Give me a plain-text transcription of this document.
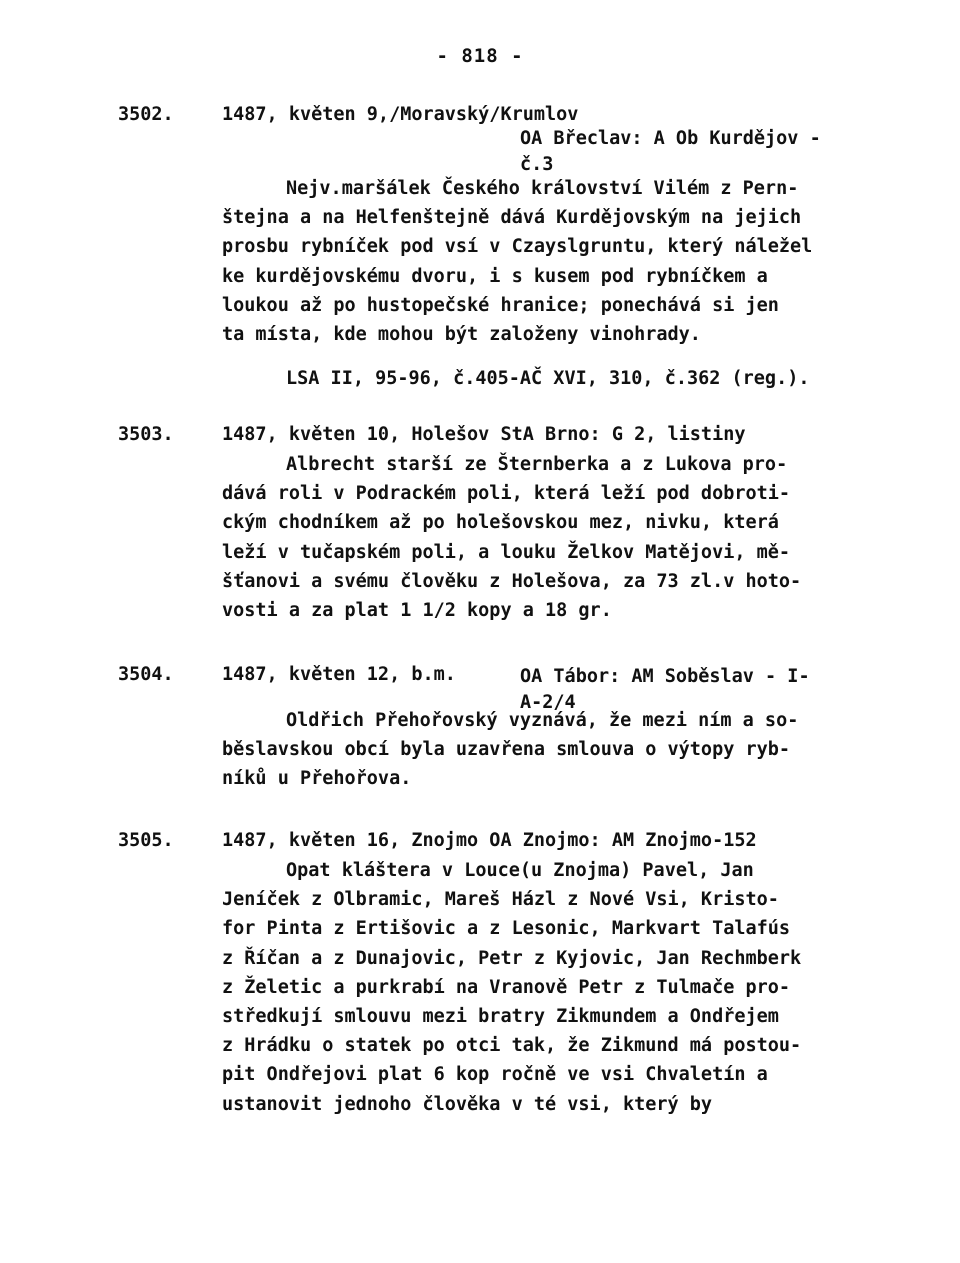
- 818 -
3502.	1487, květen 9,/Moravský/Krumlov
OA Břeclav: A Ob Kurdějov -
č.3
Nejv.maršálek Českého království Vilém z Pern-
štejna a na Helfenštejně dává Kurdějovským na jejich
prosbu rybníček pod vsí v Czayslgruntu, který náležel
ke kurdějovskému dvoru, i s kusem pod rybníčkem a
loukou až po hustopečské hranice; ponechává si jen
ta místa, kde mohou být založeny vinohrady.
LSA II, 95-96, č.405-AČ XVI, 310, č.362 (reg.).
3503.	1487, květen 10, Holešov StA Brno: G 2, listiny
Albrecht starší ze Šternberka a z Lukova pro-
dává roli v Podrackém poli, která leží pod dobroti-
ckým chodníkem až po holešovskou mez, nivku, která
leží v tučapském poli, a louku Želkov Matějovi, mě-
šťanovi a svému člověku z Holešova, za 73 zl.v hoto-
vosti a za plat 1 1/2 kopy a 18 gr.
3504.	1487, květen 12, b.m.	OA Tábor: AM Soběslav - I-
A-2/4
Oldřich Přehořovský vyznává, že mezi ním a so-
běslavskou obcí byla uzavřena smlouva o výtopy ryb-
níků u Přehořova.
3505.	1487, květen 16, Znojmo OA Znojmo: AM Znojmo-152
Opat kláštera v Louce(u Znojma) Pavel, Jan
Jeníček z Olbramic, Mareš Házl z Nové Vsi, Kristo-
for Pinta z Ertišovic a z Lesonic, Markvart Talafús
z Říčan a z Dunajovic, Petr z Kyjovic, Jan Rechmberk
z Želetic a purkrabí na Vranově Petr z Tulmače pro-
středkují smlouvu mezi bratry Zikmundem a Ondřejem
z Hrádku o statek po otci tak, že Zikmund má postou-
pit Ondřejovi plat 6 kop ročně ve vsi Chvaletín a
ustanovit jednoho člověka v té vsi, který by
